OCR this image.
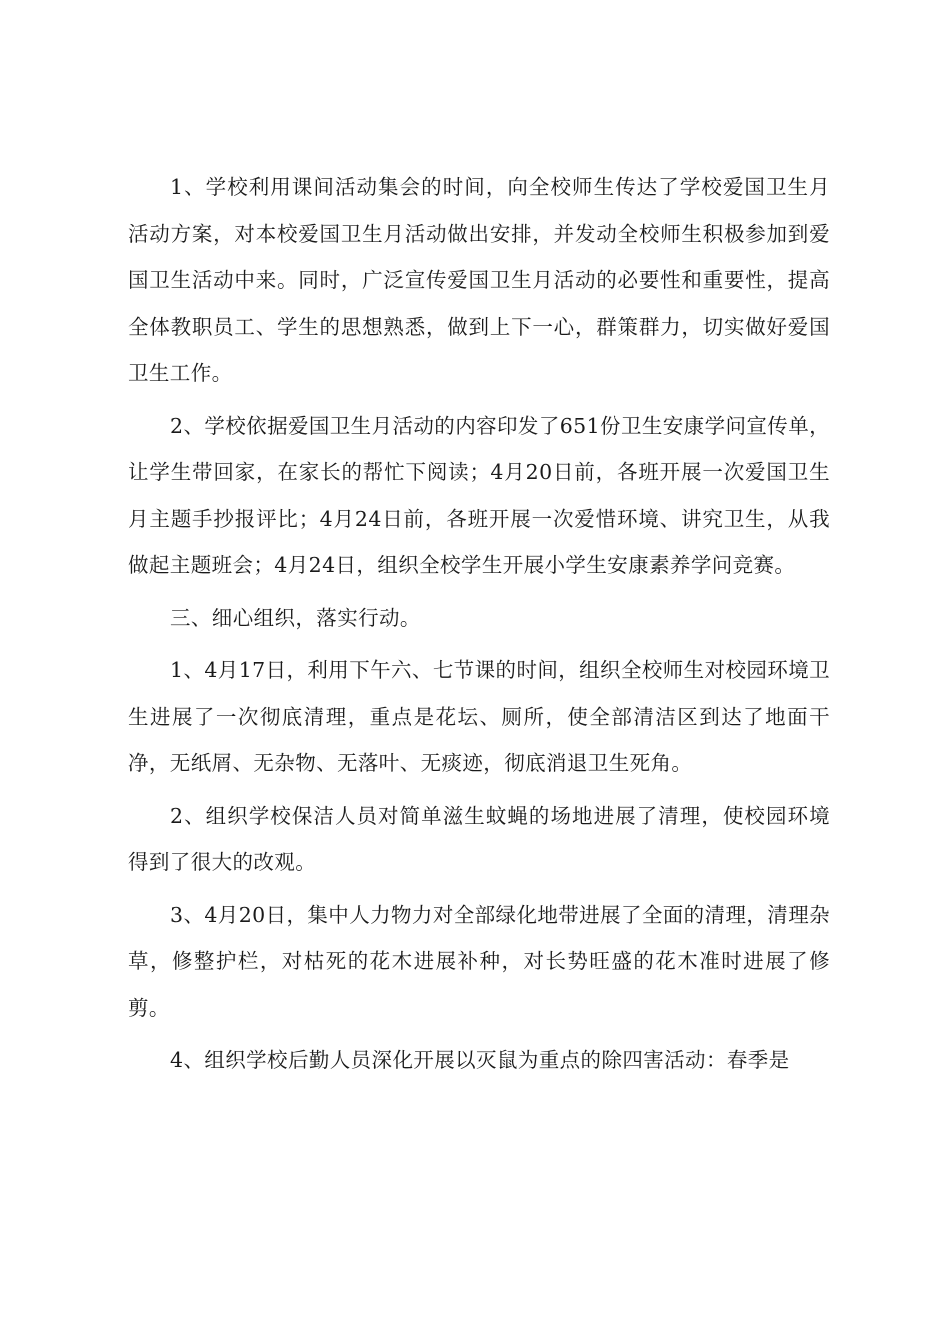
1、学校利用课间活动集会的时间，向全校师生传达了学校爱国卫生月活动方案，对本校爱国卫生月活动做出安排，并发动全校师生积极参加到爱国卫生活动中来。同时，广泛宣传爱国卫生月活动的必要性和重要性，提高全体教职员工、学生的思想熟悉，做到上下一心，群策群力，切实做好爱国卫生工作。

2、学校依据爱国卫生月活动的内容印发了651份卫生安康学问宣传单，让学生带回家，在家长的帮忙下阅读；4月20日前，各班开展一次爱国卫生月主题手抄报评比；4月24日前，各班开展一次爱惜环境、讲究卫生，从我做起主题班会；4月24日，组织全校学生开展小学生安康素养学问竞赛。

三、细心组织，落实行动。

1、4月17日，利用下午六、七节课的时间，组织全校师生对校园环境卫生进展了一次彻底清理，重点是花坛、厕所，使全部清洁区到达了地面干净，无纸屑、无杂物、无落叶、无痰迹，彻底消退卫生死角。

2、组织学校保洁人员对简单滋生蚊蝇的场地进展了清理，使校园环境得到了很大的改观。

3、4月20日，集中人力物力对全部绿化地带进展了全面的清理，清理杂草，修整护栏，对枯死的花木进展补种，对长势旺盛的花木准时进展了修剪。

4、组织学校后勤人员深化开展以灭鼠为重点的除四害活动：春季是
